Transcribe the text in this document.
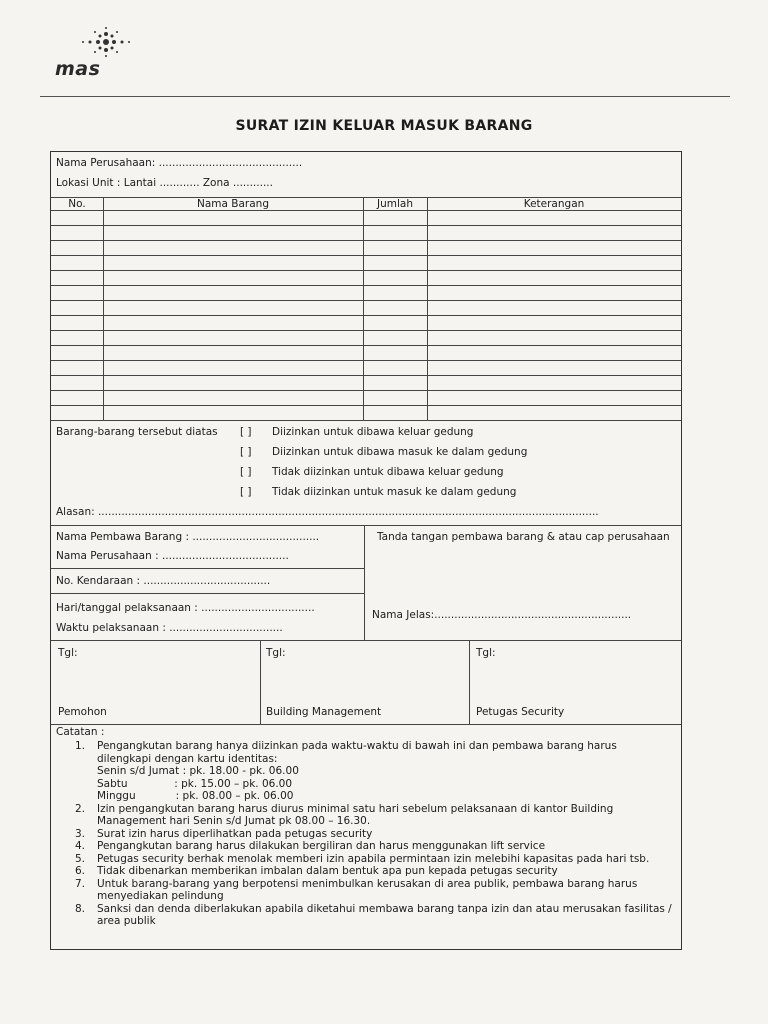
mas
SURAT IZIN KELUAR MASUK BARANG
Nama Perusahaan: ...........................................
Lokasi Unit : Lantai ............ Zona ............
No.	Nama Barang	Jumlah	Keterangan
Barang-barang tersebut diatas [ ] Diizinkan untuk dibawa keluar gedung
[ ] Diizinkan untuk dibawa masuk ke dalam gedung
[ ] Tidak diizinkan untuk dibawa keluar gedung
[ ] Tidak diizinkan untuk masuk ke dalam gedung
Alasan: ......................................................................................................................................................
Nama Pembawa Barang : ......................................
Nama Perusahaan : ......................................
No. Kendaraan : ......................................
Hari/tanggal pelaksanaan : ..................................
Waktu pelaksanaan : ..................................
Tanda tangan pembawa barang & atau cap perusahaan
Nama Jelas:...........................................................
Tgl:
Pemohon
Tgl:
Building Management
Tgl:
Petugas Security
Catatan :
1.	Pengangkutan barang hanya diizinkan pada waktu-waktu di bawah ini dan pembawa barang harus
dilengkapi dengan kartu identitas:
Senin s/d Jumat : pk. 18.00 - pk. 06.00
Sabtu              : pk. 15.00 – pk. 06.00
Minggu            : pk. 08.00 – pk. 06.00
2.	Izin pengangkutan barang harus diurus minimal satu hari sebelum pelaksanaan di kantor Building
Management hari Senin s/d Jumat pk 08.00 – 16.30.
3.	Surat izin harus diperlihatkan pada petugas security
4.	Pengangkutan barang harus dilakukan bergiliran dan harus menggunakan lift service
5.	Petugas security berhak menolak memberi izin apabila permintaan izin melebihi kapasitas pada hari tsb.
6.	Tidak dibenarkan memberikan imbalan dalam bentuk apa pun kepada petugas security
7.	Untuk barang-barang yang berpotensi menimbulkan kerusakan di area publik, pembawa barang harus
menyediakan pelindung
8.	Sanksi dan denda diberlakukan apabila diketahui membawa barang tanpa izin dan atau merusakan fasilitas /
area publik
